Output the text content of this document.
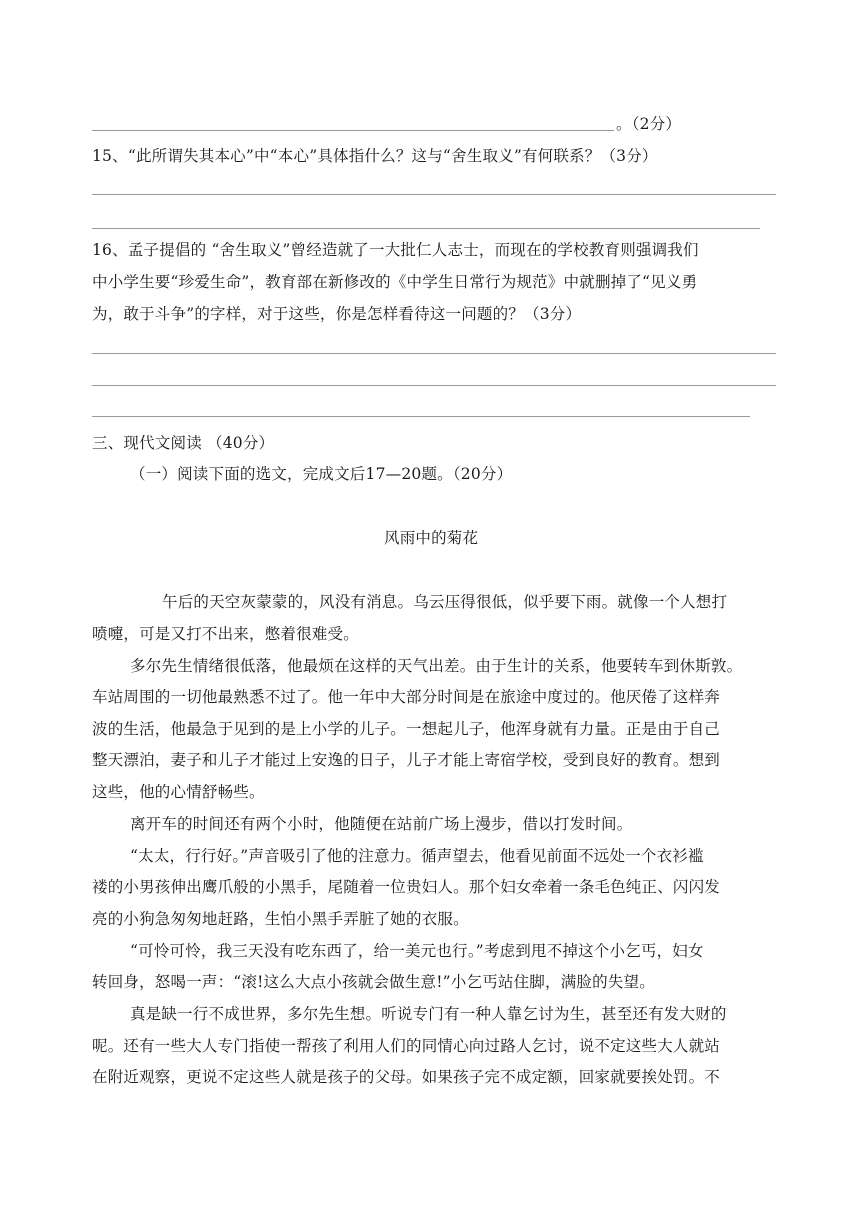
。（2分）
15、“此所谓失其本心”中“本心”具体指什么？这与“舍生取义”有何联系？（3分）
16、孟子提倡的 “舍生取义”曾经造就了一大批仁人志士，而现在的学校教育则强调我们
中小学生要“珍爱生命”，教育部在新修改的《中学生日常行为规范》中就删掉了“见义勇
为，敢于斗争”的字样，对于这些，你是怎样看待这一问题的？（3分）
三、现代文阅读 （40分）
（一）阅读下面的选文，完成文后17—20题。（20分）
风雨中的菊花
午后的天空灰蒙蒙的，风没有消息。乌云压得很低，似乎要下雨。就像一个人想打
喷嚏，可是又打不出来，憋着很难受。
多尔先生情绪很低落，他最烦在这样的天气出差。由于生计的关系，他要转车到休斯敦。
车站周围的一切他最熟悉不过了。他一年中大部分时间是在旅途中度过的。他厌倦了这样奔
波的生活，他最急于见到的是上小学的儿子。一想起儿子，他浑身就有力量。正是由于自己
整天漂泊，妻子和儿子才能过上安逸的日子，儿子才能上寄宿学校，受到良好的教育。想到
这些，他的心情舒畅些。
离开车的时间还有两个小时，他随便在站前广场上漫步，借以打发时间。
“太太，行行好。”声音吸引了他的注意力。循声望去，他看见前面不远处一个衣衫褴
褛的小男孩伸出鹰爪般的小黑手，尾随着一位贵妇人。那个妇女牵着一条毛色纯正、闪闪发
亮的小狗急匆匆地赶路，生怕小黑手弄脏了她的衣服。
“可怜可怜，我三天没有吃东西了，给一美元也行。”考虑到甩不掉这个小乞丐，妇女
转回身，怒喝一声：“滚!这么大点小孩就会做生意!”小乞丐站住脚，满脸的失望。
真是缺一行不成世界，多尔先生想。听说专门有一种人靠乞讨为生，甚至还有发大财的
呢。还有一些大人专门指使一帮孩了利用人们的同情心向过路人乞讨，说不定这些大人就站
在附近观察，更说不定这些人就是孩子的父母。如果孩子完不成定额，回家就要挨处罚。不
